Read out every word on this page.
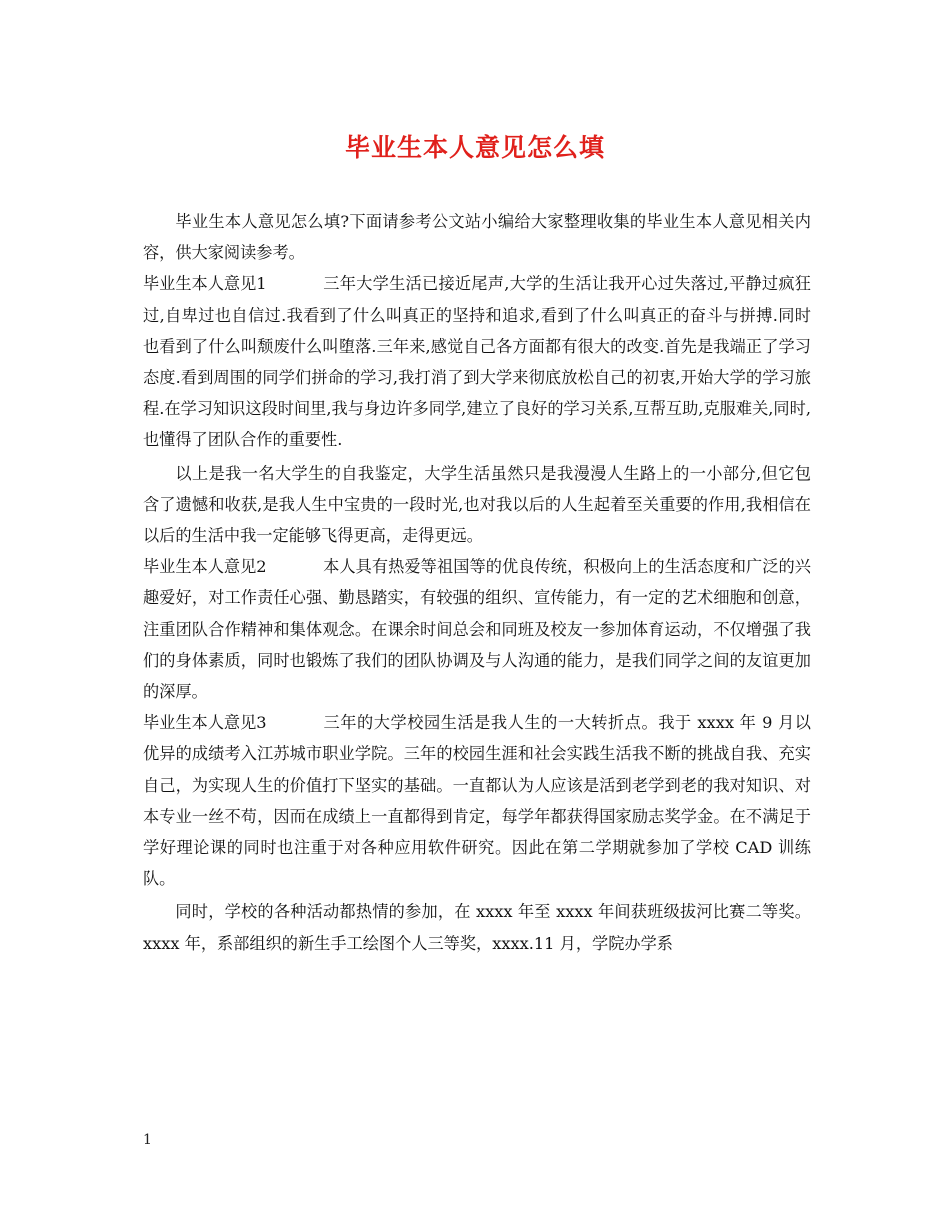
毕业生本人意见怎么填

毕业生本人意见怎么填?下面请参考公文站小编给大家整理收集的毕业生本人意见相关内容，供大家阅读参考。

毕业生本人意见1	三年大学生活已接近尾声,大学的生活让我开心过失落过,平静过疯狂过,自卑过也自信过.我看到了什么叫真正的坚持和追求,看到了什么叫真正的奋斗与拼搏.同时也看到了什么叫颓废什么叫堕落.三年来,感觉自己各方面都有很大的改变.首先是我端正了学习态度.看到周围的同学们拼命的学习,我打消了到大学来彻底放松自己的初衷,开始大学的学习旅程.在学习知识这段时间里,我与身边许多同学,建立了良好的学习关系,互帮互助,克服难关,同时,也懂得了团队合作的重要性.

以上是我一名大学生的自我鉴定，大学生活虽然只是我漫漫人生路上的一小部分,但它包含了遗憾和收获,是我人生中宝贵的一段时光,也对我以后的人生起着至关重要的作用,我相信在以后的生活中我一定能够飞得更高，走得更远。

毕业生本人意见2	本人具有热爱等祖国等的优良传统，积极向上的生活态度和广泛的兴趣爱好，对工作责任心强、勤恳踏实，有较强的组织、宣传能力，有一定的艺术细胞和创意，注重团队合作精神和集体观念。在课余时间总会和同班及校友一参加体育运动，不仅增强了我们的身体素质，同时也锻炼了我们的团队协调及与人沟通的能力，是我们同学之间的友谊更加的深厚。

毕业生本人意见3	三年的大学校园生活是我人生的一大转折点。我于 xxxx 年 9 月以优异的成绩考入江苏城市职业学院。三年的校园生涯和社会实践生活我不断的挑战自我、充实自己，为实现人生的价值打下坚实的基础。一直都认为人应该是活到老学到老的我对知识、对本专业一丝不苟，因而在成绩上一直都得到肯定，每学年都获得国家励志奖学金。在不满足于学好理论课的同时也注重于对各种应用软件研究。因此在第二学期就参加了学校 CAD 训练队。

同时，学校的各种活动都热情的参加，在 xxxx 年至 xxxx 年间获班级拔河比赛二等奖。xxxx 年，系部组织的新生手工绘图个人三等奖，xxxx.11 月，学院办学系

1
